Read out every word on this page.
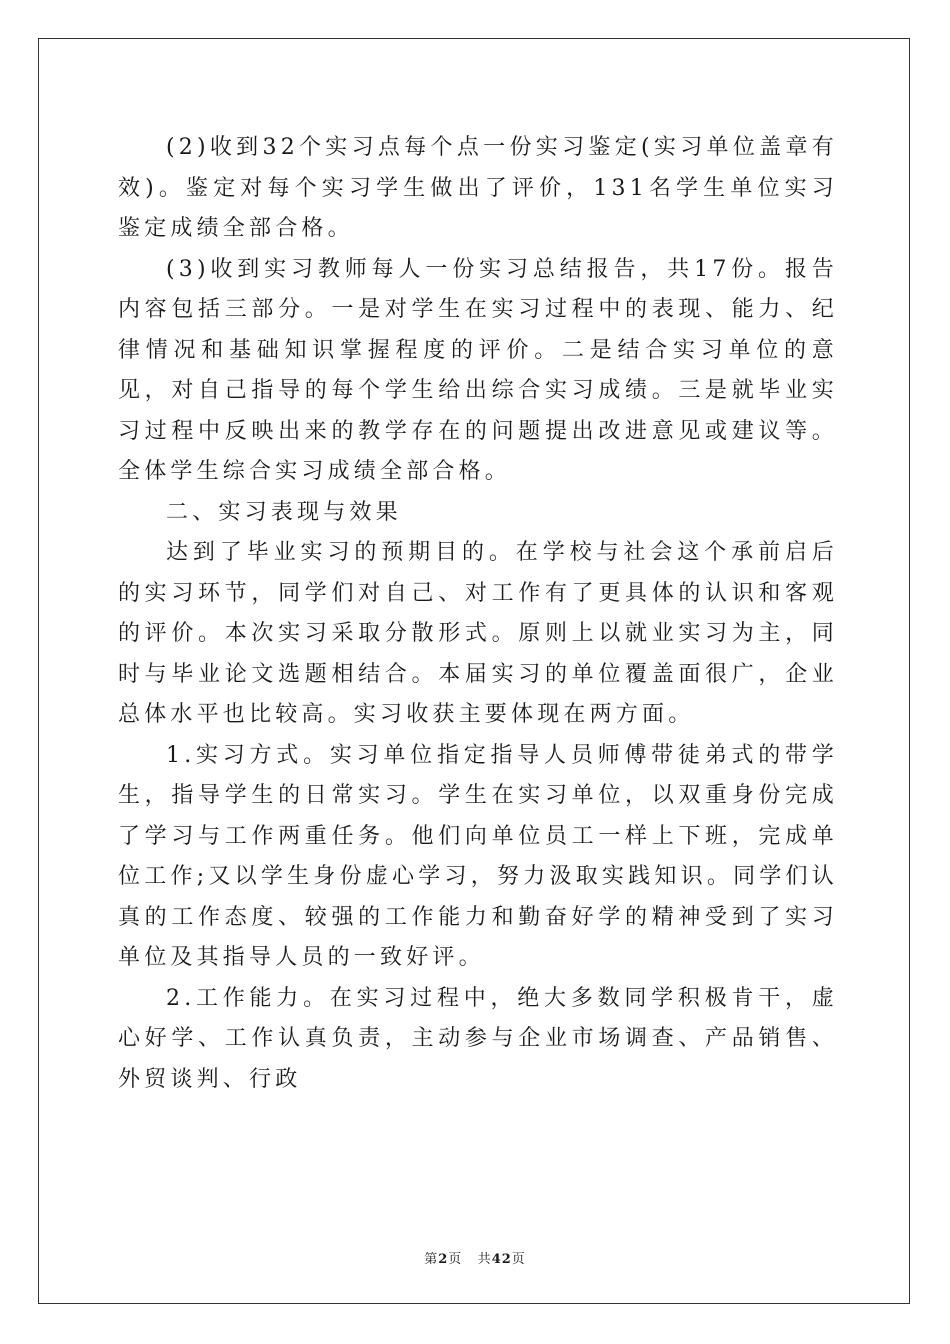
(2)收到32个实习点每个点一份实习鉴定(实习单位盖章有效)。鉴定对每个实习学生做出了评价，131名学生单位实习鉴定成绩全部合格。

(3)收到实习教师每人一份实习总结报告，共17份。报告内容包括三部分。一是对学生在实习过程中的表现、能力、纪律情况和基础知识掌握程度的评价。二是结合实习单位的意见，对自己指导的每个学生给出综合实习成绩。三是就毕业实习过程中反映出来的教学存在的问题提出改进意见或建议等。全体学生综合实习成绩全部合格。

二、实习表现与效果

达到了毕业实习的预期目的。在学校与社会这个承前启后的实习环节，同学们对自己、对工作有了更具体的认识和客观的评价。本次实习采取分散形式。原则上以就业实习为主，同时与毕业论文选题相结合。本届实习的单位覆盖面很广，企业总体水平也比较高。实习收获主要体现在两方面。

1.实习方式。实习单位指定指导人员师傅带徒弟式的带学生，指导学生的日常实习。学生在实习单位，以双重身份完成了学习与工作两重任务。他们向单位员工一样上下班，完成单位工作;又以学生身份虚心学习，努力汲取实践知识。同学们认真的工作态度、较强的工作能力和勤奋好学的精神受到了实习单位及其指导人员的一致好评。

2.工作能力。在实习过程中，绝大多数同学积极肯干，虚心好学、工作认真负责，主动参与企业市场调查、产品销售、外贸谈判、行政

第2页 共42页
